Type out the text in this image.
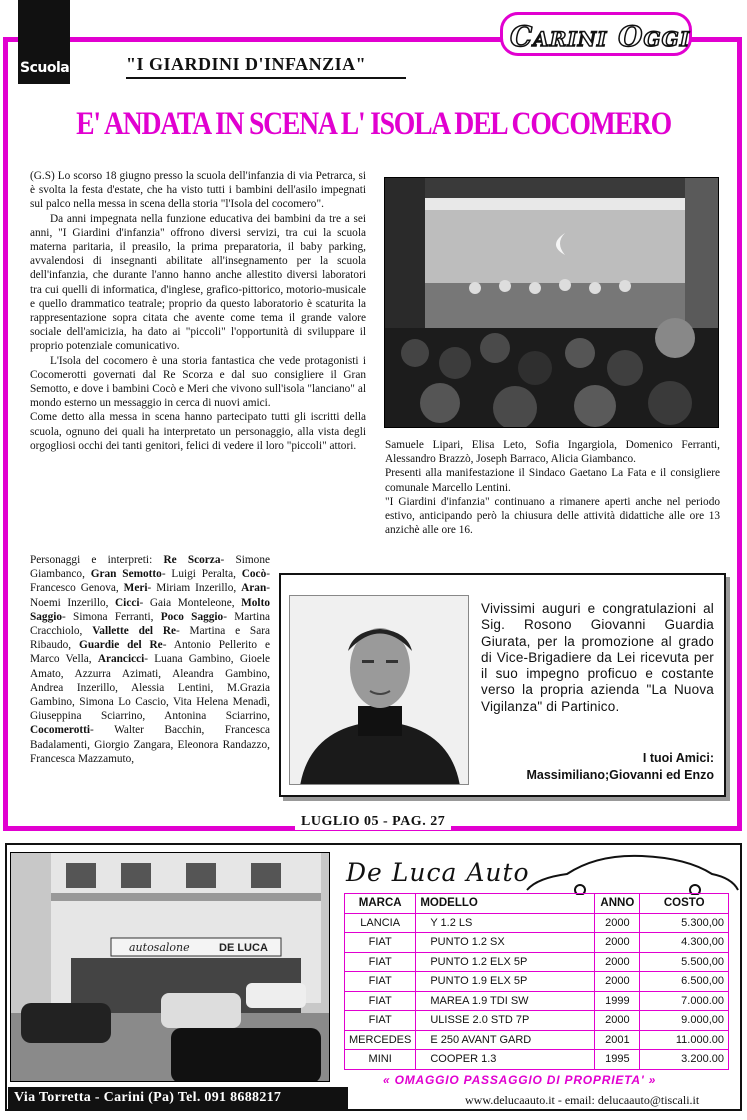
Scuola
Carini Oggi
"I GIARDINI D'INFANZIA"
E' ANDATA IN SCENA L' ISOLA DEL COCOMERO

(G.S) Lo scorso 18 giugno presso la scuola dell'infanzia di via Petrarca, si è svolta la festa d'estate, che ha visto tutti i bambini dell'asilo impegnati sul palco nella messa in scena della storia "l'Isola del cocomero".

Da anni impegnata nella funzione educativa dei bambini da tre a sei anni, "I Giardini d'infanzia" offrono diversi servizi, tra cui la scuola materna paritaria, il preasilo, la prima preparatoria, il baby parking, avvalendosi di insegnanti abilitate all'insegnamento per la scuola dell'infanzia, che durante l'anno hanno anche allestito diversi laboratori tra cui quelli di informatica, d'inglese, grafico-pittorico, motorio-musicale e quello drammatico teatrale; proprio da questo laboratorio è scaturita la rappresentazione sopra citata che avente come tema il grande valore sociale dell'amicizia, ha dato ai "piccoli" l'opportunità di sviluppare il proprio potenziale comunicativo.

L'Isola del cocomero è una storia fantastica che vede protagonisti i Cocomerotti governati dal Re Scorza e dal suo consigliere il Gran Semotto, e dove i bambini Cocò e Meri che vivono sull'isola "lanciano" al mondo esterno un messaggio in cerca di nuovi amici.

Come detto alla messa in scena hanno partecipato tutti gli iscritti della scuola, ognuno dei quali ha interpretato un personaggio, alla vista degli orgogliosi occhi dei tanti genitori, felici di vedere il loro "piccoli" attori.

Personaggi e interpreti: Re Scorza- Simone Giambanco, Gran Semotto- Luigi Peralta, Cocò- Francesco Genova, Meri- Miriam Inzerillo, Aran- Noemi Inzerillo, Cicci- Gaia Monteleone, Molto Saggio- Simona Ferranti, Poco Saggio- Martina Cracchiolo, Vallette del Re- Martina e Sara Ribaudo, Guardie del Re- Antonio Pellerito e Marco Vella, Arancicci- Luana Gambino, Gioele Amato, Azzurra Azimati, Aleandra Gambino, Andrea Inzerillo, Alessia Lentini, M.Grazia Gambino, Simona Lo Cascio, Vita Helena Menadì, Giuseppina Sciarrino, Antonina Sciarrino, Cocomerotti- Walter Bacchin, Francesca Badalamenti, Giorgio Zangara, Eleonora Randazzo, Francesca Mazzamuto,

Samuele Lipari, Elisa Leto, Sofia Ingargiola, Domenico Ferranti, Alessandro Brazzò, Joseph Barraco, Alicia Giambanco.

Presenti alla manifestazione il Sindaco Gaetano La Fata e il consigliere comunale Marcello Lentini.

"I Giardini d'infanzia" continuano a rimanere aperti anche nel periodo estivo, anticipando però la chiusura delle attività didattiche alle ore 13 anzichè alle ore 16.

Vivissimi auguri e congratulazioni al Sig. Rosono Giovanni Guardia Giurata, per la promozione al grado di Vice-Brigadiere da Lei ricevuta per il suo impegno proficuo e costante verso la propria azienda "La Nuova Vigilanza" di Partinico.
I tuoi Amici:
Massimiliano;Giovanni ed Enzo
LUGLIO 05 - PAG. 27
autosalone	DE LUCA
Via Torretta - Carini (Pa) Tel. 091 8688217
De Luca Auto
MARCA	MODELLO	ANNO	COSTO
LANCIA	Y 1.2 LS	2000	5.300,00
FIAT	PUNTO 1.2 SX	2000	4.300,00
FIAT	PUNTO 1.2 ELX 5P	2000	5.500,00
FIAT	PUNTO 1.9 ELX 5P	2000	6.500,00
FIAT	MAREA 1.9 TDI SW	1999	7.000.00
FIAT	ULISSE 2.0 STD 7P	2000	9.000,00
MERCEDES	E 250 AVANT GARD	2001	11.000.00
MINI	COOPER 1.3	1995	3.200.00
« OMAGGIO PASSAGGIO DI PROPRIETA' »
www.delucaauto.it - email: delucaauto@tiscali.it
